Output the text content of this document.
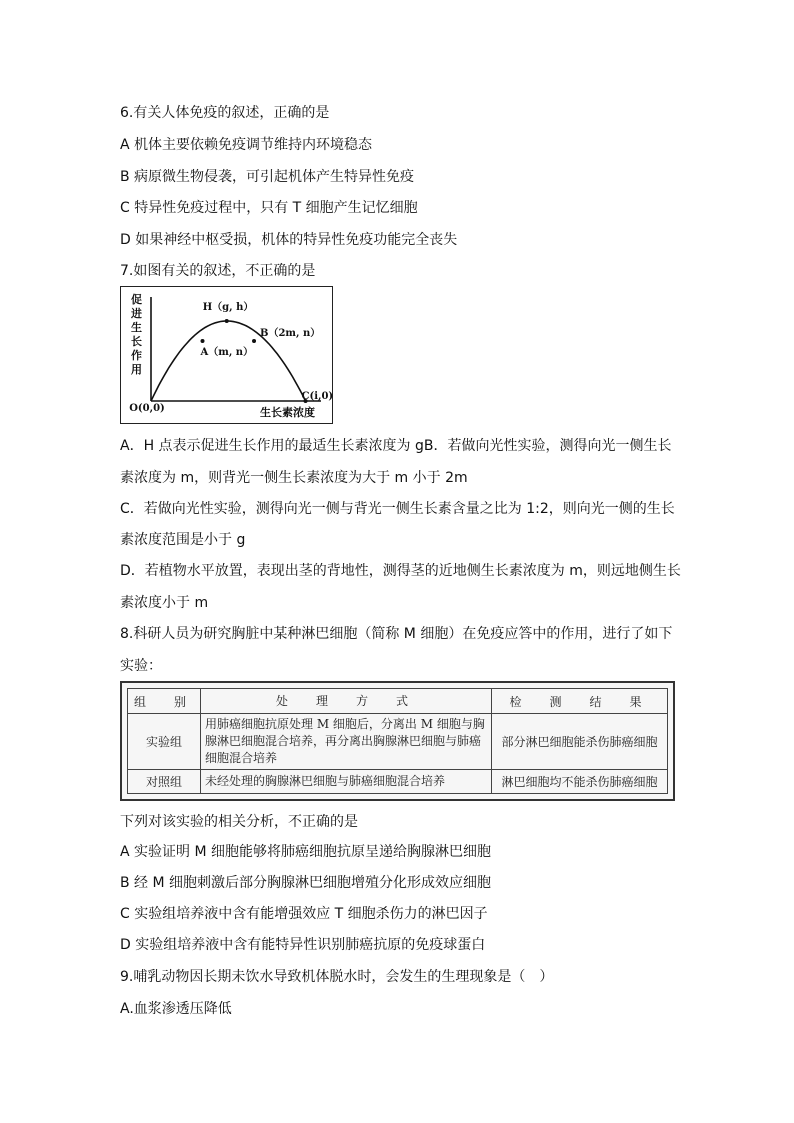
6.有关人体免疫的叙述，正确的是
A 机体主要依赖免疫调节维持内环境稳态
B 病原微生物侵袭，可引起机体产生特异性免疫
C 特异性免疫过程中，只有 T 细胞产生记忆细胞
D 如果神经中枢受损，机体的特异性免疫功能完全丧失
7.如图有关的叙述，不正确的是
促
进
生
长
作
用
O(0,0)
A（m, n）
H（g, h）
B（2m, n）
C(i,0)
生长素浓度
A．H 点表示促进生长作用的最适生长素浓度为 gB．若做向光性实验，测得向光一侧生长
素浓度为 m，则背光一侧生长素浓度为大于 m 小于 2m
C．若做向光性实验，测得向光一侧与背光一侧生长素含量之比为 1:2，则向光一侧的生长
素浓度范围是小于 g
D．若植物水平放置，表现出茎的背地性，测得茎的近地侧生长素浓度为 m，则远地侧生长
素浓度小于 m
8.科研人员为研究胸脏中某种淋巴细胞（简称 M 细胞）在免疫应答中的作用，进行了如下
实验：
组　别	处　理　方　式	检　测　结　果
实验组	用肺癌细胞抗原处理 M 细胞后，分离出 M 细胞与胸腺淋巴细胞混合培养，再分离出胸腺淋巴细胞与肺癌细胞混合培养	部分淋巴细胞能杀伤肺癌细胞
对照组	未经处理的胸腺淋巴细胞与肺癌细胞混合培养	淋巴细胞均不能杀伤肺癌细胞
下列对该实验的相关分析，不正确的是
A 实验证明 M 细胞能够将肺癌细胞抗原呈递给胸腺淋巴细胞
B 经 M 细胞刺激后部分胸腺淋巴细胞增殖分化形成效应细胞
C 实验组培养液中含有能增强效应 T 细胞杀伤力的淋巴因子
D 实验组培养液中含有能特异性识别肺癌抗原的免疫球蛋白
9.哺乳动物因长期未饮水导致机体脱水时，会发生的生理现象是（　）
A.血浆渗透压降低
